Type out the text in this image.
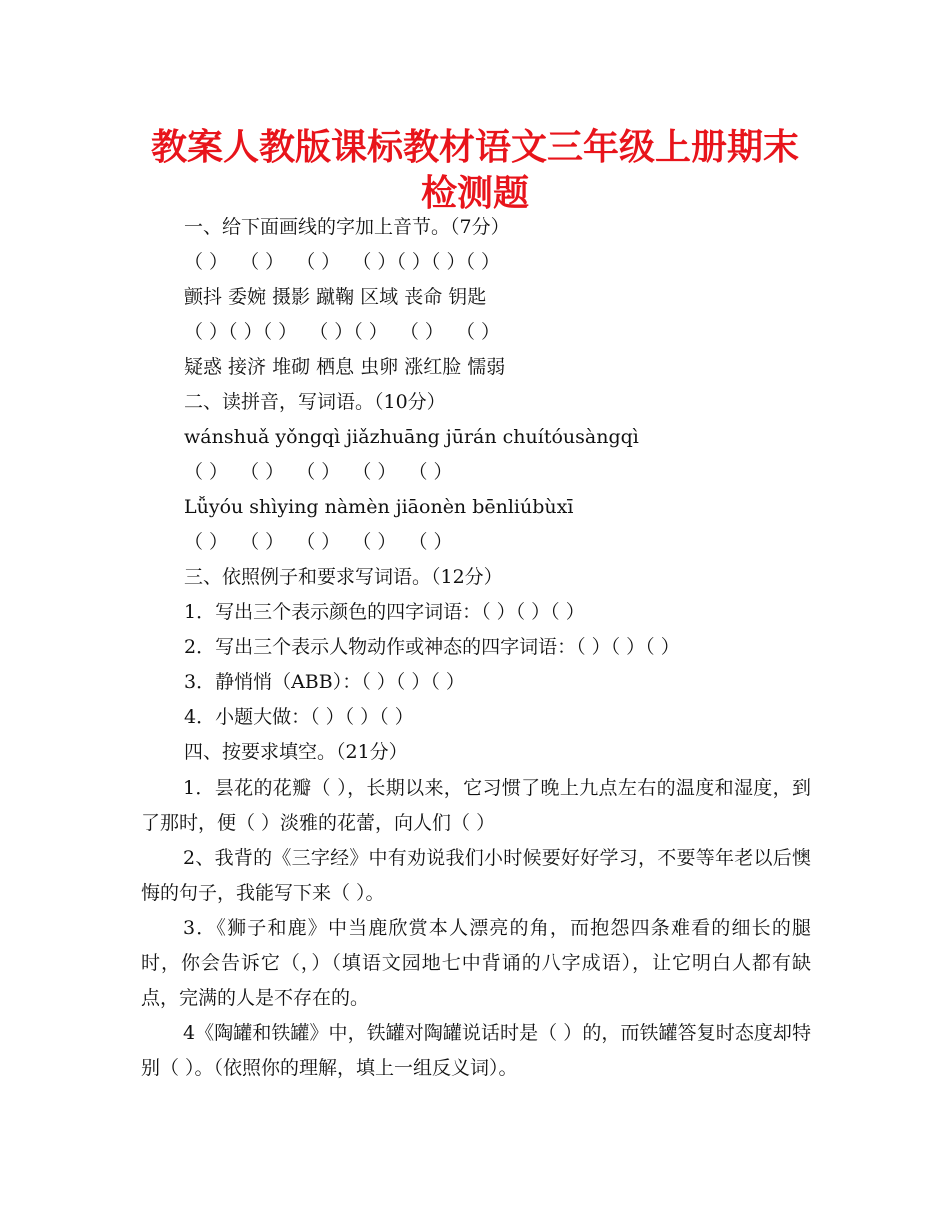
教案人教版课标教材语文三年级上册期末
检测题

一、给下面画线的字加上音节。（7分）

（ ）  （ ）  （ ）  （ ）（ ）（ ）（ ）

颤抖 委婉 摄影 蹴鞠 区域 丧命 钥匙

（ ）（ ）（ ）  （ ）（ ）  （ ）  （ ）

疑惑 接济 堆砌 栖息 虫卵 涨红脸 懦弱

二、读拼音，写词语。（10分）

wánshuǎ yǒngqì jiǎzhuāng jūrán chuítóusàngqì

（ ）  （ ）  （ ）  （ ）  （ ）

Lǚyóu shìying nàmèn jiāonèn bēnliúbùxī

（ ）  （ ）  （ ）  （ ）  （ ）

三、依照例子和要求写词语。（12分）

1．写出三个表示颜色的四字词语：（ ）（ ）（ ）

2．写出三个表示人物动作或神态的四字词语：（ ）（ ）（ ）

3．静悄悄（ABB）：（ ）（ ）（ ）

4．小题大做：（ ）（ ）（ ）

四、按要求填空。（21分）

1．昙花的花瓣（ ），长期以来，它习惯了晚上九点左右的温度和湿度，到了那时，便（ ）淡雅的花蕾，向人们（ ）

2、我背的《三字经》中有劝说我们小时候要好好学习，不要等年老以后懊悔的句子，我能写下来（ ）。

3．《狮子和鹿》中当鹿欣赏本人漂亮的角，而抱怨四条难看的细长的腿时，你会告诉它（，）（填语文园地七中背诵的八字成语），让它明白人都有缺点，完满的人是不存在的。

4《陶罐和铁罐》中，铁罐对陶罐说话时是（ ）的，而铁罐答复时态度却特别（ ）。（依照你的理解，填上一组反义词）。
